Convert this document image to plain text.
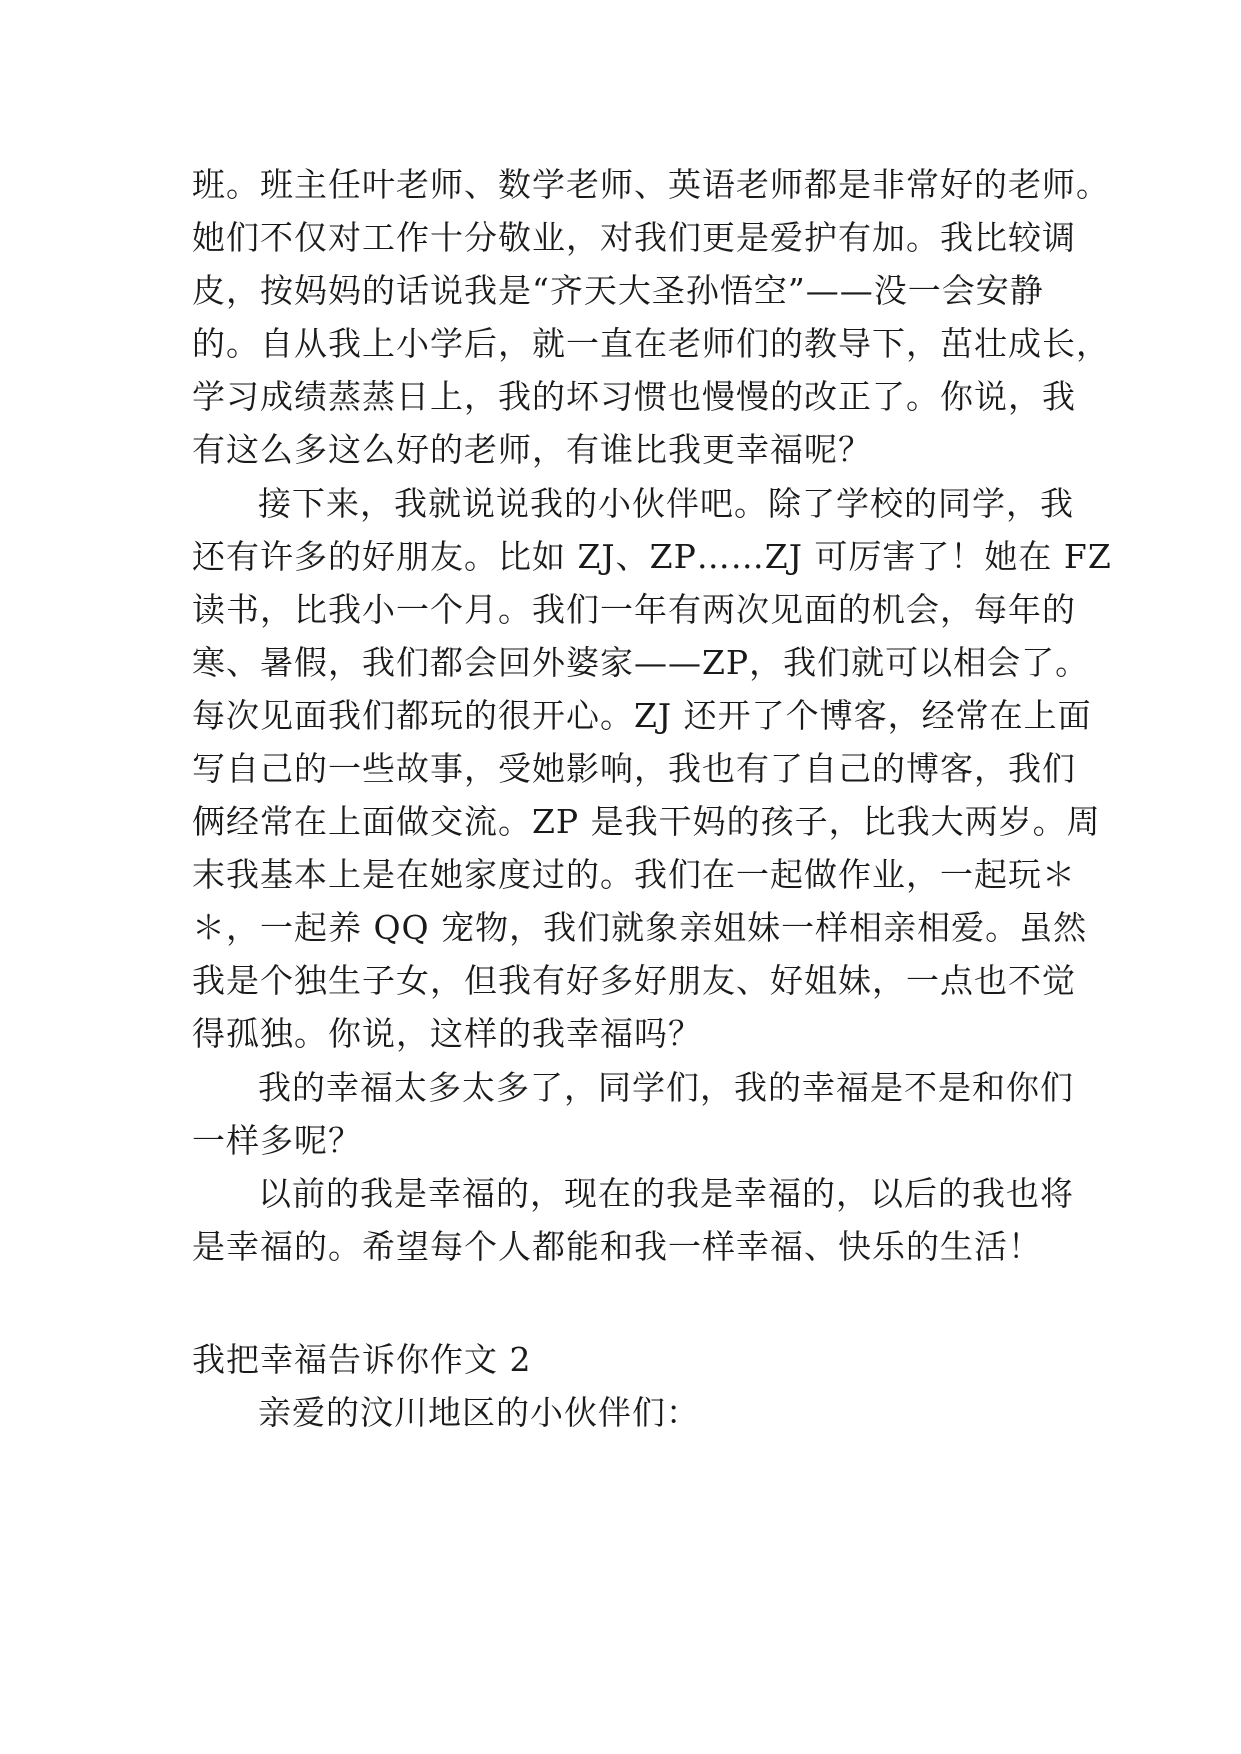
班。班主任叶老师、数学老师、英语老师都是非常好的老师。
她们不仅对工作十分敬业，对我们更是爱护有加。我比较调
皮，按妈妈的话说我是“齐天大圣孙悟空”——没一会安静
的。自从我上小学后，就一直在老师们的教导下，茁壮成长，
学习成绩蒸蒸日上，我的坏习惯也慢慢的改正了。你说，我
有这么多这么好的老师，有谁比我更幸福呢？
接下来，我就说说我的小伙伴吧。除了学校的同学，我
还有许多的好朋友。比如 ZJ、ZP……ZJ 可厉害了！她在 FZ
读书，比我小一个月。我们一年有两次见面的机会，每年的
寒、暑假，我们都会回外婆家——ZP，我们就可以相会了。
每次见面我们都玩的很开心。ZJ 还开了个博客，经常在上面
写自己的一些故事，受她影响，我也有了自己的博客，我们
俩经常在上面做交流。ZP 是我干妈的孩子，比我大两岁。周
末我基本上是在她家度过的。我们在一起做作业，一起玩＊
＊，一起养 QQ 宠物，我们就象亲姐妹一样相亲相爱。虽然
我是个独生子女，但我有好多好朋友、好姐妹，一点也不觉
得孤独。你说，这样的我幸福吗？
我的幸福太多太多了，同学们，我的幸福是不是和你们
一样多呢？
以前的我是幸福的，现在的我是幸福的，以后的我也将
是幸福的。希望每个人都能和我一样幸福、快乐的生活！
我把幸福告诉你作文 2
亲爱的汶川地区的小伙伴们：
